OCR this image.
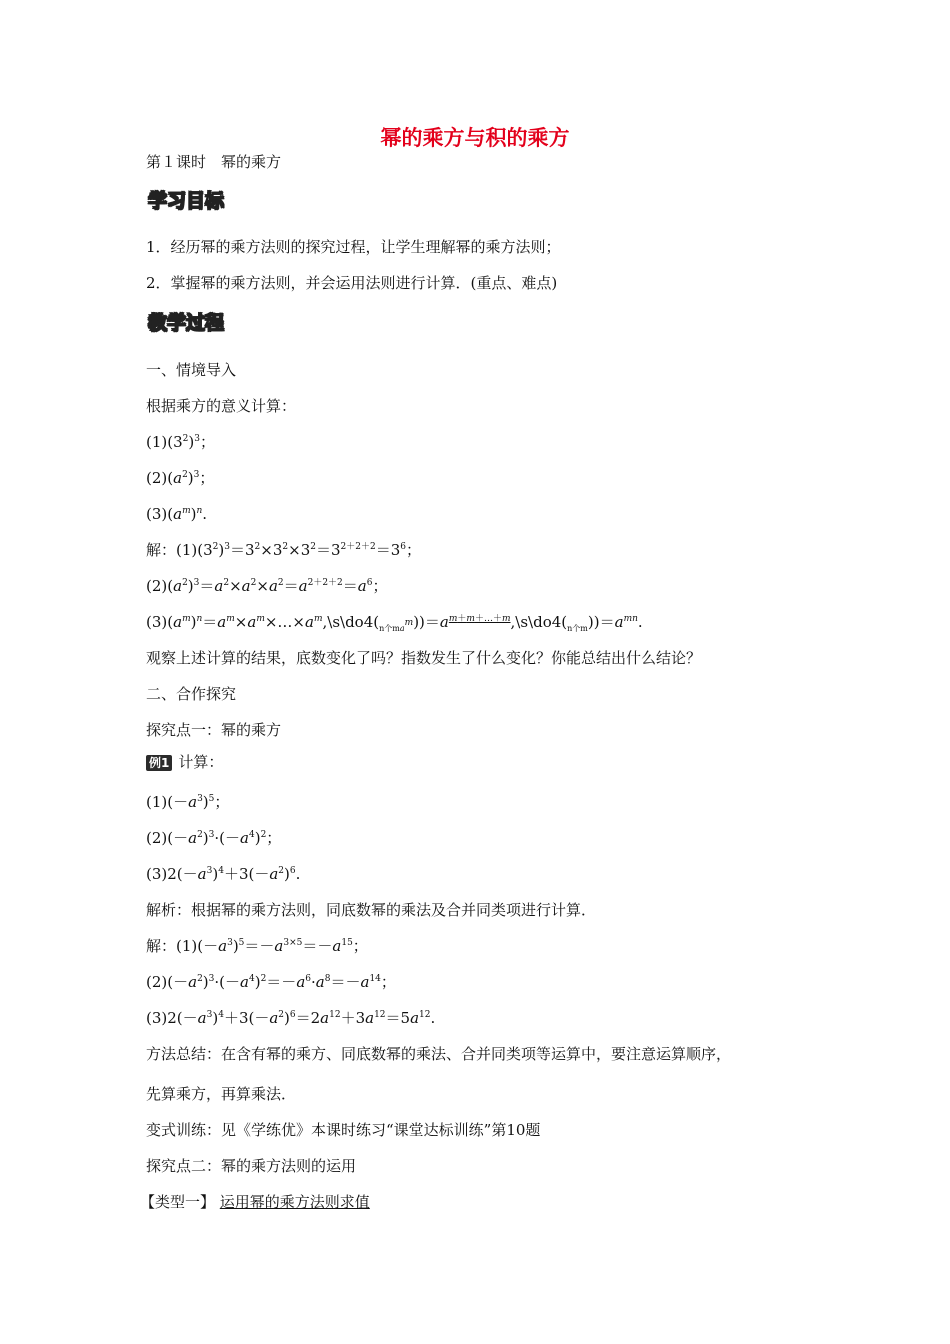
幂的乘方与积的乘方
第１课时　幂的乘方
学习目标
1．经历幂的乘方法则的探究过程，让学生理解幂的乘方法则；
2．掌握幂的乘方法则，并会运用法则进行计算．(重点、难点)
教学过程
一、情境导入
根据乘方的意义计算：
$(1)(3^2)^3$；
$(2)(a^2)^3$；
$(3)(a^m)^n$.
解：$(1)(3^2)^3=3^2\times 3^2\times 3^2=3^{2+2+2}=3^6$；
$(2)(a^2)^3=a^2\times a^2\times a^2=a^{2+2+2}=a^6$；
$(3)(a^m)^n=a^m\times a^m\times\dots\times a^m,\backslash s\backslash do4(_{n个ma^m}))=a^{m+m+\dots+m},\backslash s\backslash do4(_{n个m}))=a^{mn}$.
观察上述计算的结果，底数变化了吗？指数发生了什么变化？你能总结出什么结论？
二、合作探究
探究点一：幂的乘方
例1 计算：
$(1)(-a^3)^5$；
$(2)(-a^2)^3\cdot(-a^4)^2$；
$(3)2(-a^3)^4+3(-a^2)^6$.
解析：根据幂的乘方法则，同底数幂的乘法及合并同类项进行计算．
解：$(1)(-a^3)^5=-a^{3\times 5}=-a^{15}$；
$(2)(-a^2)^3\cdot(-a^4)^2=-a^6\cdot a^8=-a^{14}$；
$(3)2(-a^3)^4+3(-a^2)^6=2a^{12}+3a^{12}=5a^{12}$.
方法总结：在含有幂的乘方、同底数幂的乘法、合并同类项等运算中，要注意运算顺序，
先算乘方，再算乘法．
变式训练：见《学练优》本课时练习“课堂达标训练”第10题
探究点二：幂的乘方法则的运用
【类型一】 运用幂的乘方法则求值
